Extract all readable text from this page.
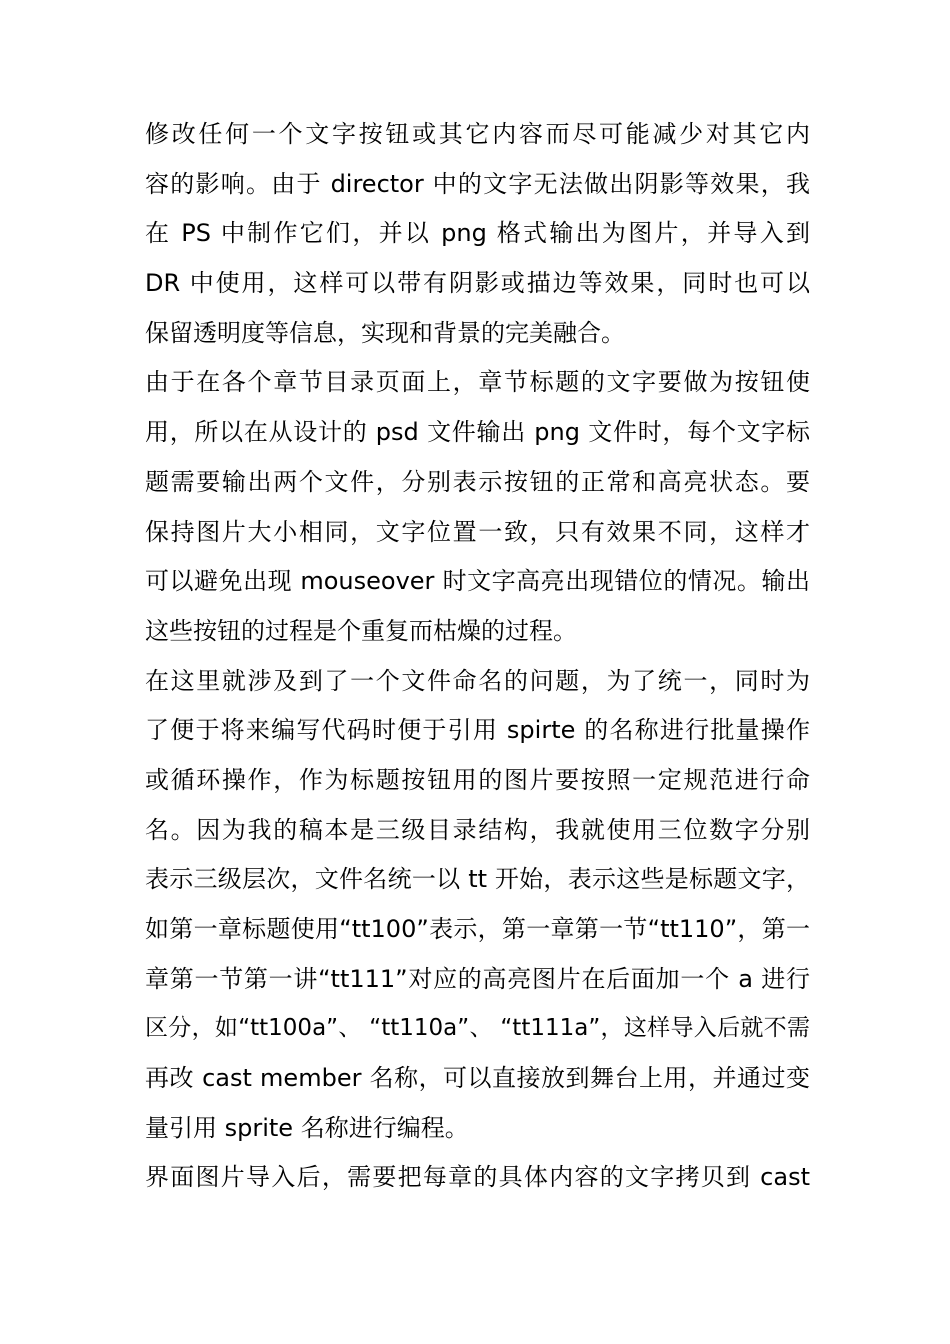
修改任何一个文字按钮或其它内容而尽可能减少对其它内
容的影响。由于 director 中的文字无法做出阴影等效果，我
在 PS 中制作它们，并以 png 格式输出为图片，并导入到
DR 中使用，这样可以带有阴影或描边等效果，同时也可以
保留透明度等信息，实现和背景的完美融合。
由于在各个章节目录页面上，章节标题的文字要做为按钮使
用，所以在从设计的 psd 文件输出 png 文件时，每个文字标
题需要输出两个文件，分别表示按钮的正常和高亮状态。要
保持图片大小相同，文字位置一致，只有效果不同，这样才
可以避免出现 mouseover 时文字高亮出现错位的情况。输出
这些按钮的过程是个重复而枯燥的过程。
在这里就涉及到了一个文件命名的问题，为了统一，同时为
了便于将来编写代码时便于引用 spirte 的名称进行批量操作
或循环操作，作为标题按钮用的图片要按照一定规范进行命
名。因为我的稿本是三级目录结构，我就使用三位数字分别
表示三级层次，文件名统一以 tt 开始，表示这些是标题文字，
如第一章标题使用“tt100”表示，第一章第一节“tt110”，第一
章第一节第一讲“tt111”对应的高亮图片在后面加一个 a 进行
区分，如“tt100a”、 “tt110a”、 “tt111a”，这样导入后就不需
再改 cast member 名称，可以直接放到舞台上用，并通过变
量引用 sprite 名称进行编程。
界面图片导入后，需要把每章的具体内容的文字拷贝到 cast
